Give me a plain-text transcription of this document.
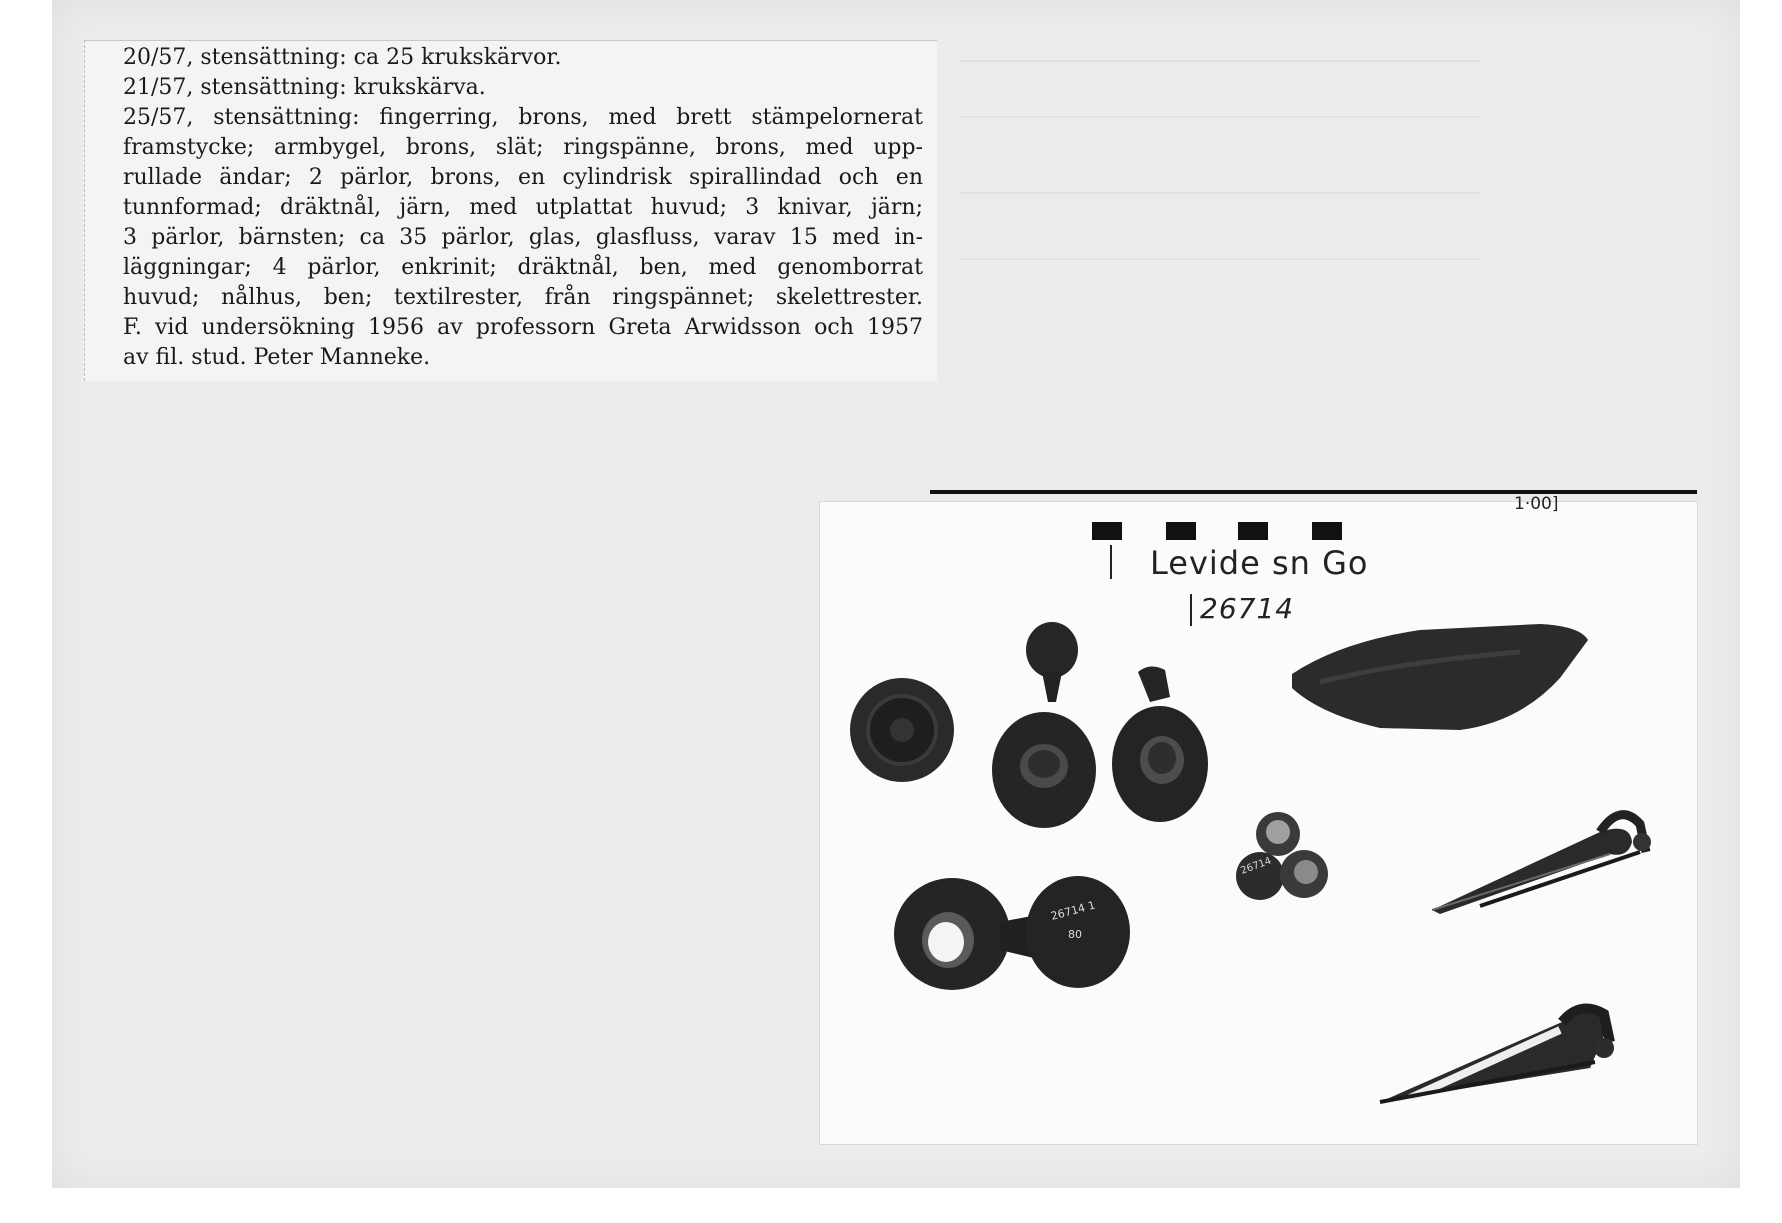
20/57, stensättning: ca 25 krukskärvor.
21/57, stensättning: krukskärva.
25/57, stensättning: fingerring, brons, med brett stämpelornerat
framstycke; armbygel, brons, slät; ringspänne, brons, med upp-
rullade ändar; 2 pärlor, brons, en cylindrisk spirallindad och en
tunnformad; dräktnål, järn, med utplattat huvud; 3 knivar, järn;
3 pärlor, bärnsten; ca 35 pärlor, glas, glasfluss, varav 15 med in-
läggningar; 4 pärlor, enkrinit; dräktnål, ben, med genomborrat
huvud; nålhus, ben; textilrester, från ringspännet; skelettrester.
F. vid undersökning 1956 av professorn Greta Arwidsson och 1957
av fil. stud. Peter Manneke.
1·00]
Levide sn Go
26714
26714 1
80
26714
